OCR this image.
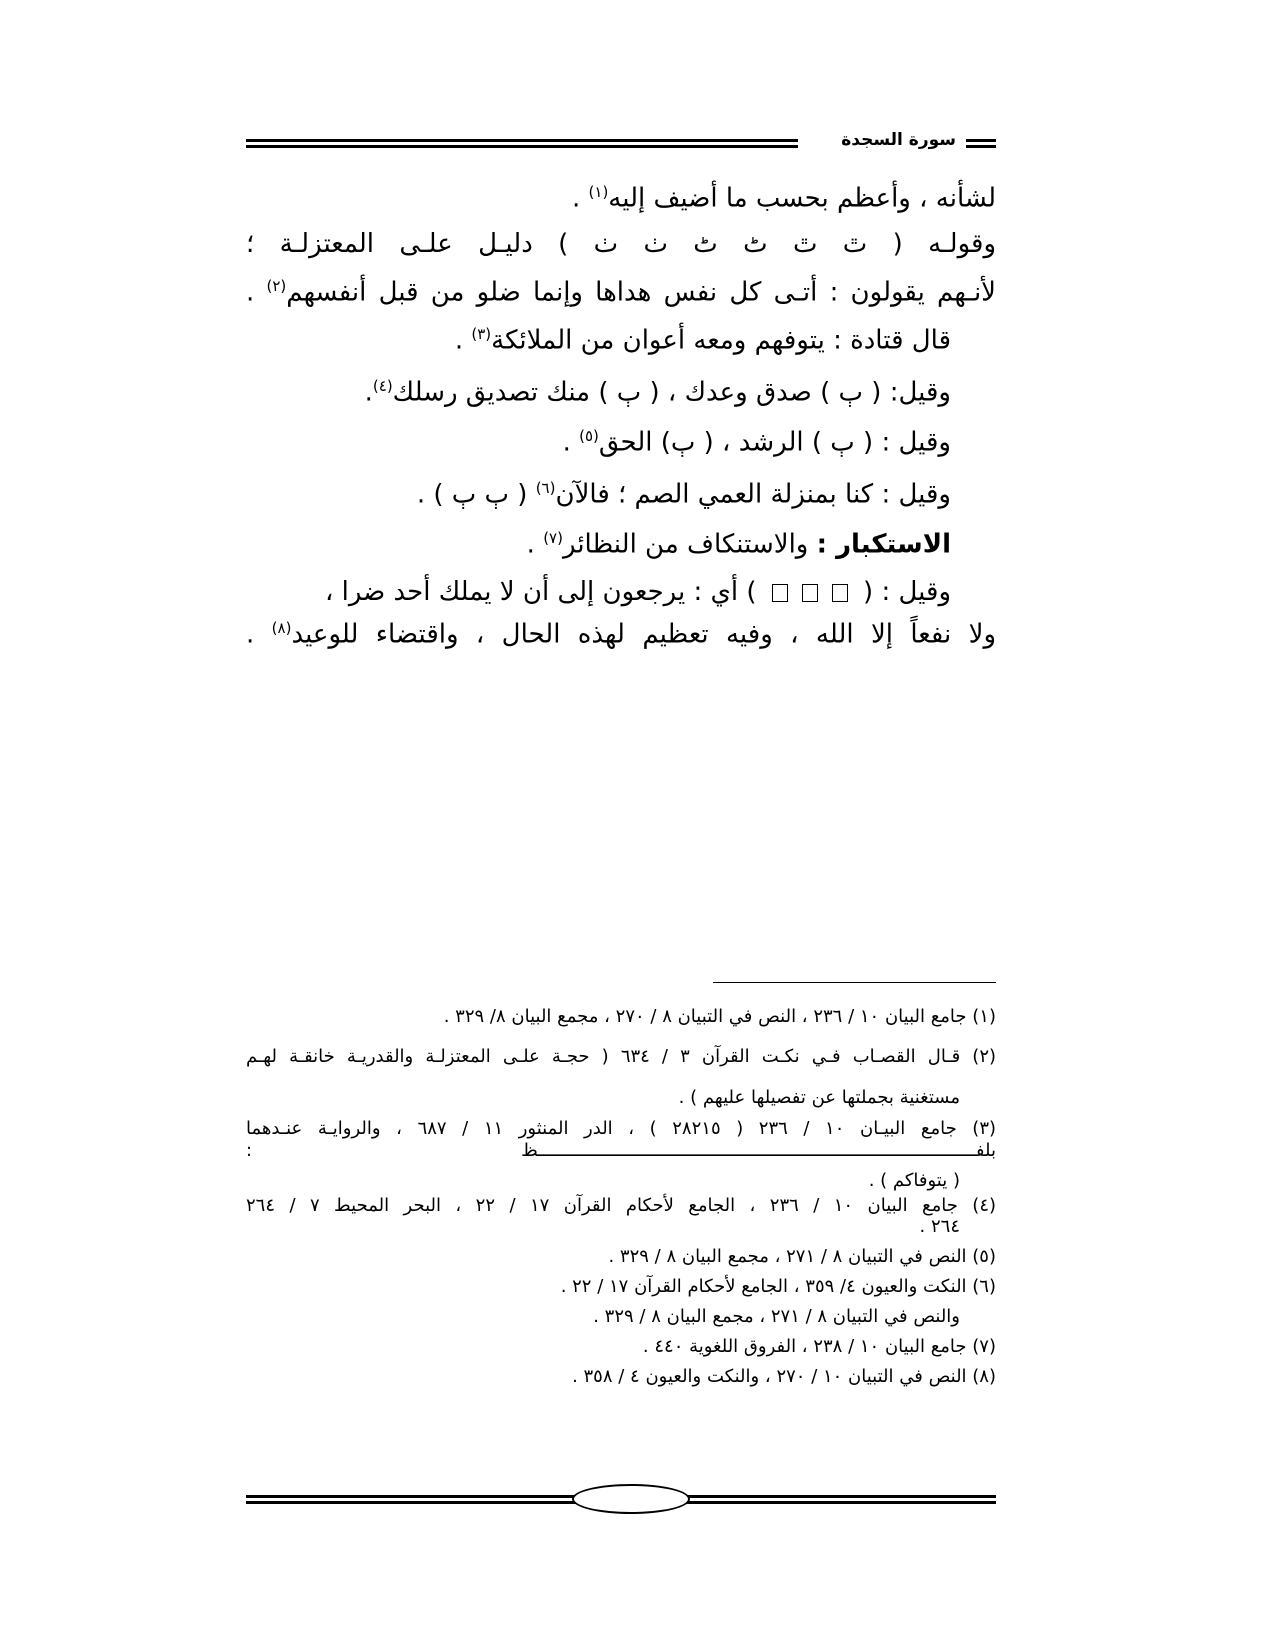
سورة السجدة
لشأنه ، وأعظم بحسب ما أضيف إليه$^{(١)}$ .
وقولـه ( ٿ ٿ ٹ ٹ ٺ ٺ ) دليـل علـى المعتزلـة ؛
لأنـهم يقولون : أتـى كل نفس هداها وإنما ضلو من قبل أنفسهم$^{(٢)}$ .
قال قتادة : يتوفهم ومعه أعوان من الملائكة$^{(٣)}$ .
وقيل: ( ٻ ) صدق وعدك ، ( ٻ ) منك تصديق رسلك$^{(٤)}$.
وقيل : ( ٻ ) الرشد ، ( ٻ) الحق$^{(٥)}$ .
وقيل : كنا بمنزلة العمي الصم ؛ فالآن$^{(٦)}$ ( ٻ ٻ ) .
الاستكبار : والاستنكاف من النظائر$^{(٧)}$ .
وقيل : (  ) أي : يرجعون إلى أن لا يملك أحد ضرا ،
ولا نفعاً إلا الله ، وفيه تعظيم لهذه الحال ، واقتضاء للوعيد$^{(٨)}$ .
(١) جامع البيان ١٠ / ٢٣٦ ، النص في التبيان ٨ / ٢٧٠ ، مجمع البيان ٨/ ٣٢٩ .
(٢) قـال القصـاب فـي نكـت القرآن ٣ / ٦٣٤ ( حجـة علـى المعتزلـة والقدريـة خانقـة لهـم
مستغنية بجملتها عن تفصيلها عليهم ) .
(٣) جامع البيـان ١٠ / ٢٣٦ ( ٢٨٢١٥ ) ، الدر المنثور ١١ / ٦٨٧ ، والروايـة عنـدهما
بلفـــــــــــــــــــــــــــــــــــــــــــــــــــــــــــــــــــــــــــــــــــظ :
( يتوفاكم ) .
(٤) جامع البيان ١٠ / ٢٣٦ ، الجامع لأحكام القرآن ١٧ / ٢٢ ، البحر المحيط ٧ / ٢٦٤
٢٦٤ .
(٥) النص في التبيان ٨ / ٢٧١ ، مجمع البيان ٨ / ٣٢٩ .
(٦) النكت والعيون ٤/ ٣٥٩ ، الجامع لأحكام القرآن ١٧ / ٢٢ .
والنص في التبيان ٨ / ٢٧١ ، مجمع البيان ٨ / ٣٢٩ .
(٧) جامع البيان ١٠ / ٢٣٨ ، الفروق اللغوية ٤٤٠ .
(٨) النص في التبيان ١٠ / ٢٧٠ ، والنكت والعيون ٤ / ٣٥٨ .
